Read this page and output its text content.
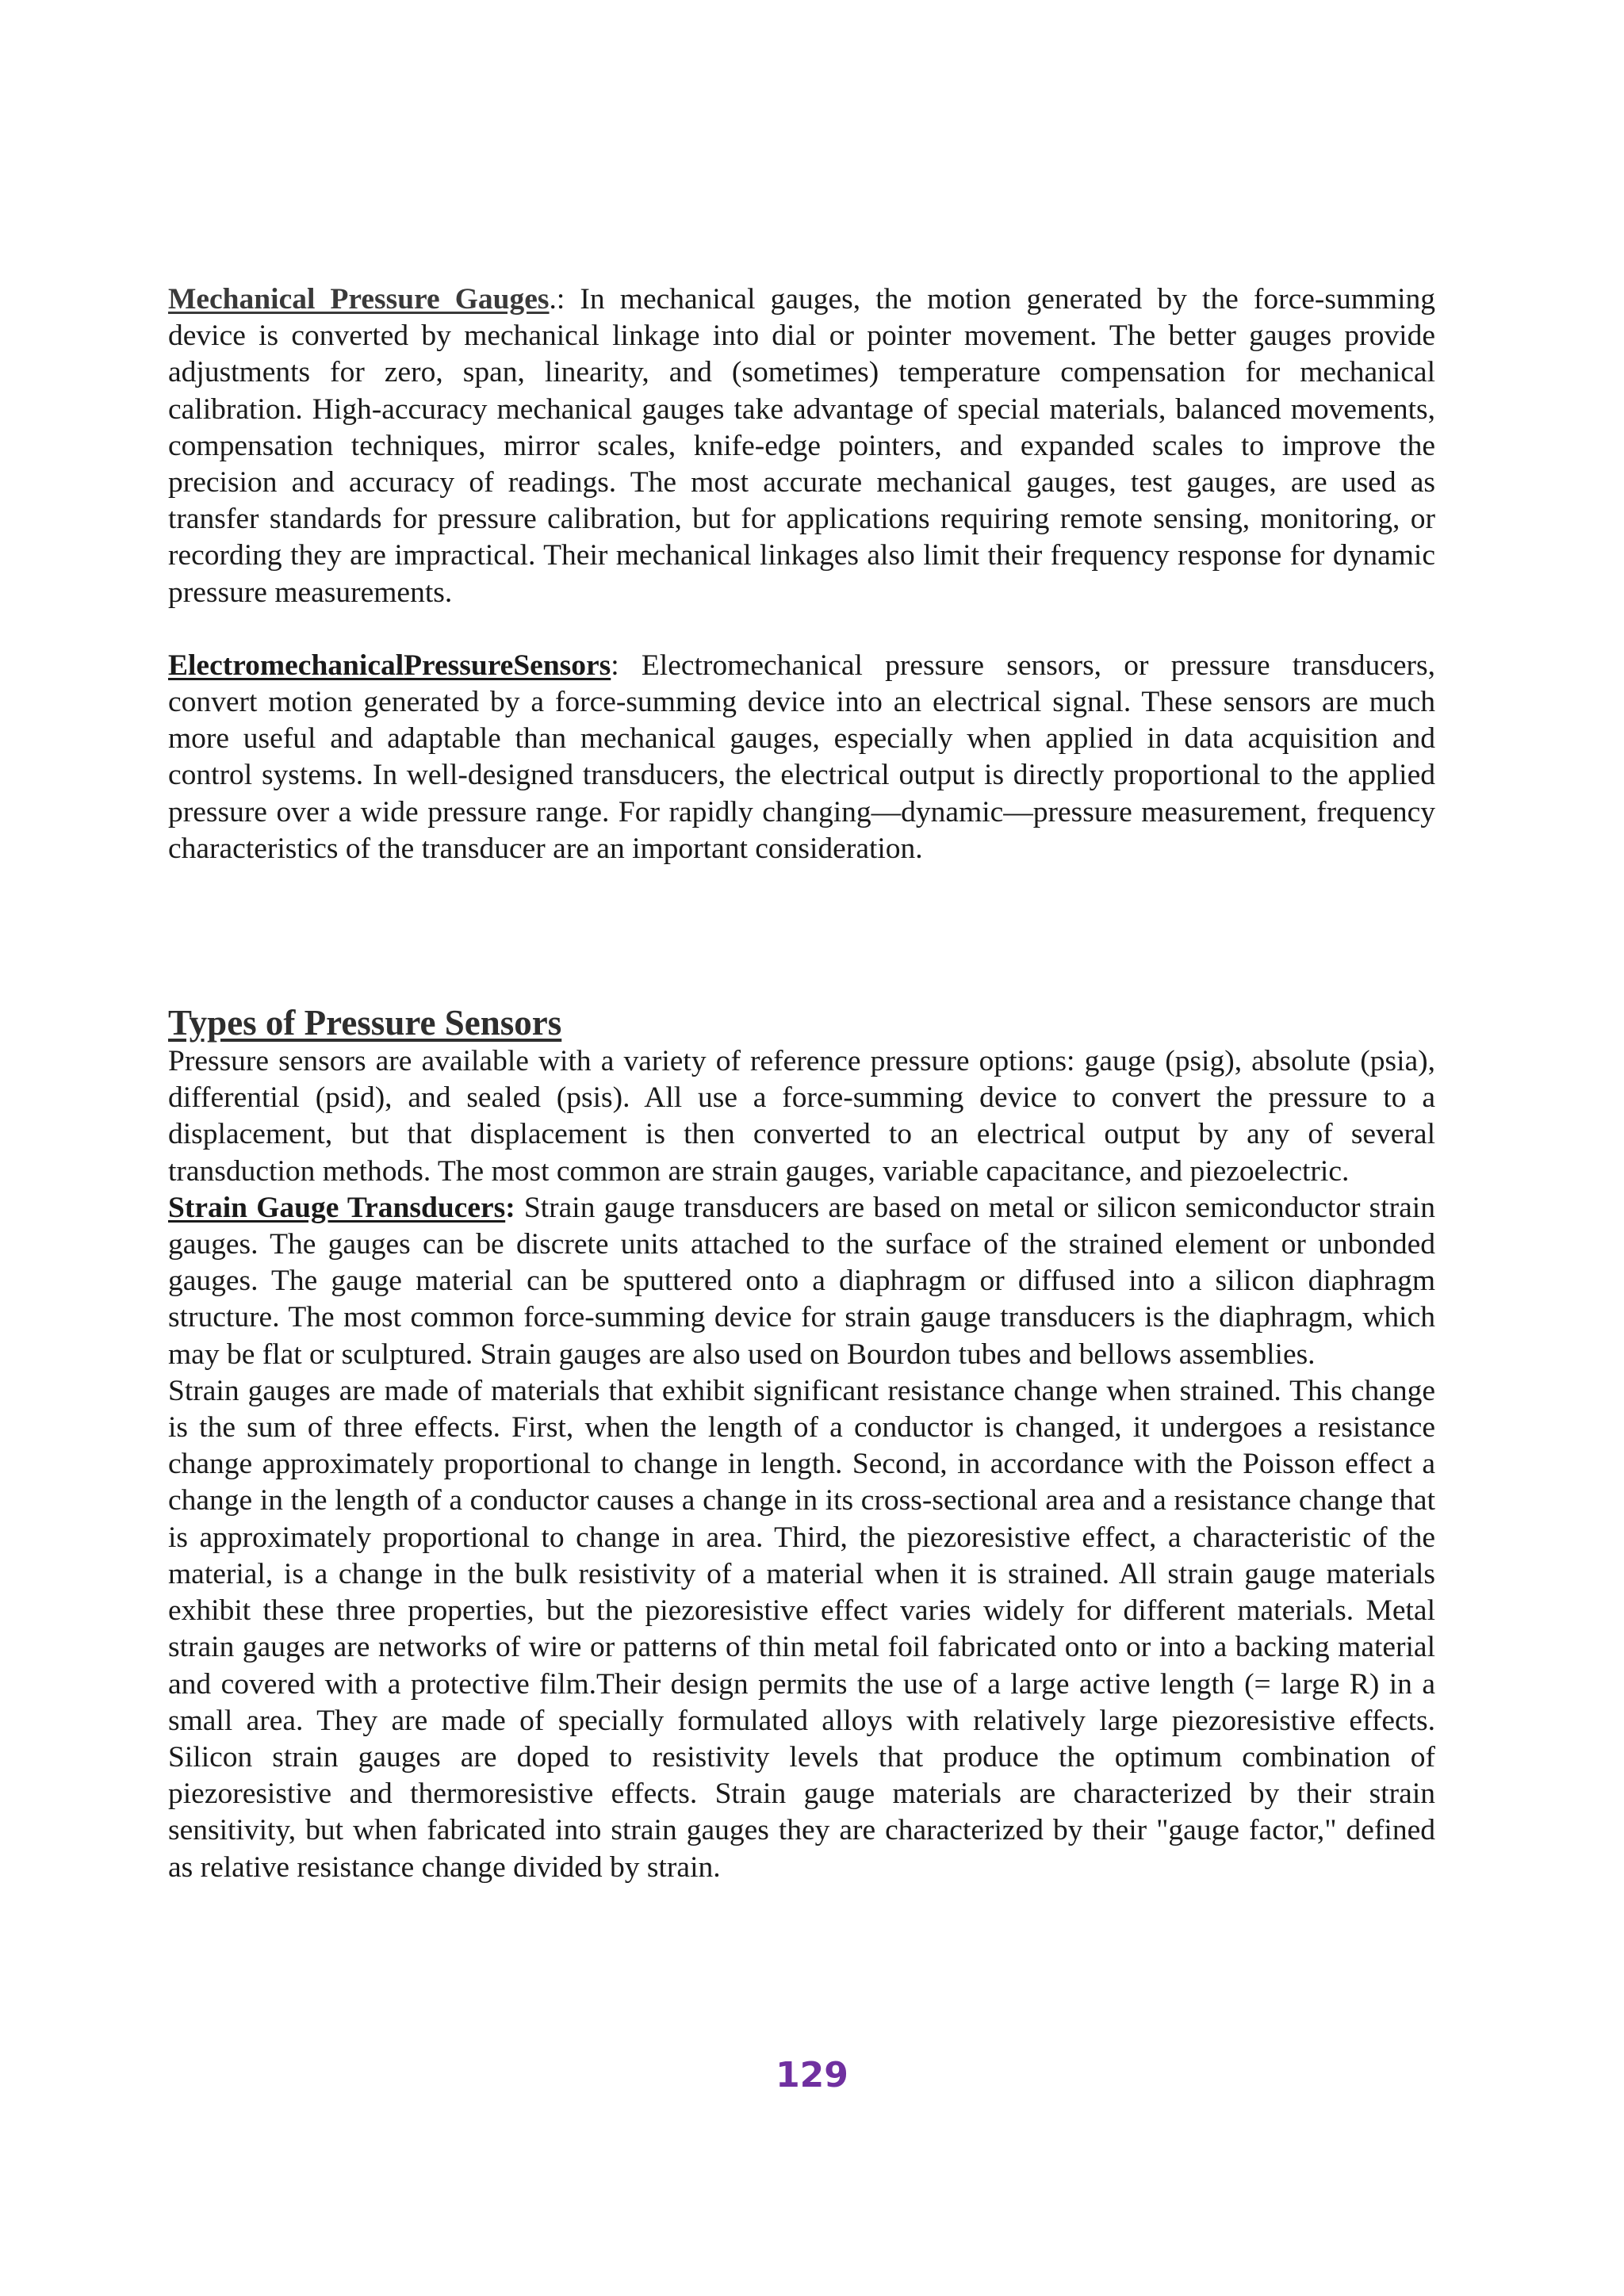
Mechanical Pressure Gauges.: In mechanical gauges, the motion generated by the force-summing device is converted by mechanical linkage into dial or pointer movement. The better gauges provide adjustments for zero, span, linearity, and (sometimes) temperature compensation for mechanical calibration. High-accuracy mechanical gauges take advantage of special materials, balanced movements, compensation techniques, mirror scales, knife-edge pointers, and expanded scales to improve the precision and accuracy of readings. The most accurate mechanical gauges, test gauges, are used as transfer standards for pressure calibration, but for applications requiring remote sensing, monitoring, or recording they are impractical. Their mechanical linkages also limit their frequency response for dynamic pressure measurements.

ElectromechanicalPressureSensors: Electromechanical pressure sensors, or pressure transducers, convert motion generated by a force-summing device into an electrical signal. These sensors are much more useful and adaptable than mechanical gauges, especially when applied in data acquisition and control systems. In well-designed transducers, the electrical output is directly proportional to the applied pressure over a wide pressure range. For rapidly changing—dynamic—pressure measurement, frequency characteristics of the transducer are an important consideration.

Types of Pressure Sensors

Pressure sensors are available with a variety of reference pressure options: gauge (psig), absolute (psia), differential (psid), and sealed (psis). All use a force-summing device to convert the pressure to a displacement, but that displacement is then converted to an electrical output by any of several transduction methods. The most common are strain gauges, variable capacitance, and piezoelectric.

Strain Gauge Transducers: Strain gauge transducers are based on metal or silicon semiconductor strain gauges. The gauges can be discrete units attached to the surface of the strained element or unbonded gauges. The gauge material can be sputtered onto a diaphragm or diffused into a silicon diaphragm structure. The most common force-summing device for strain gauge transducers is the diaphragm, which may be flat or sculptured. Strain gauges are also used on Bourdon tubes and bellows assemblies.

Strain gauges are made of materials that exhibit significant resistance change when strained. This change is the sum of three effects. First, when the length of a conductor is changed, it undergoes a resistance change approximately proportional to change in length. Second, in accordance with the Poisson effect a change in the length of a conductor causes a change in its cross-sectional area and a resistance change that is approximately proportional to change in area. Third, the piezoresistive effect, a characteristic of the material, is a change in the bulk resistivity of a material when it is strained. All strain gauge materials exhibit these three properties, but the piezoresistive effect varies widely for different materials. Metal strain gauges are networks of wire or patterns of thin metal foil fabricated onto or into a backing material and covered with a protective film.Their design permits the use of a large active length (= large R) in a small area. They are made of specially formulated alloys with relatively large piezoresistive effects. Silicon strain gauges are doped to resistivity levels that produce the optimum combination of piezoresistive and thermoresistive effects. Strain gauge materials are characterized by their strain sensitivity, but when fabricated into strain gauges they are characterized by their "gauge factor," defined as relative resistance change divided by strain.

129
